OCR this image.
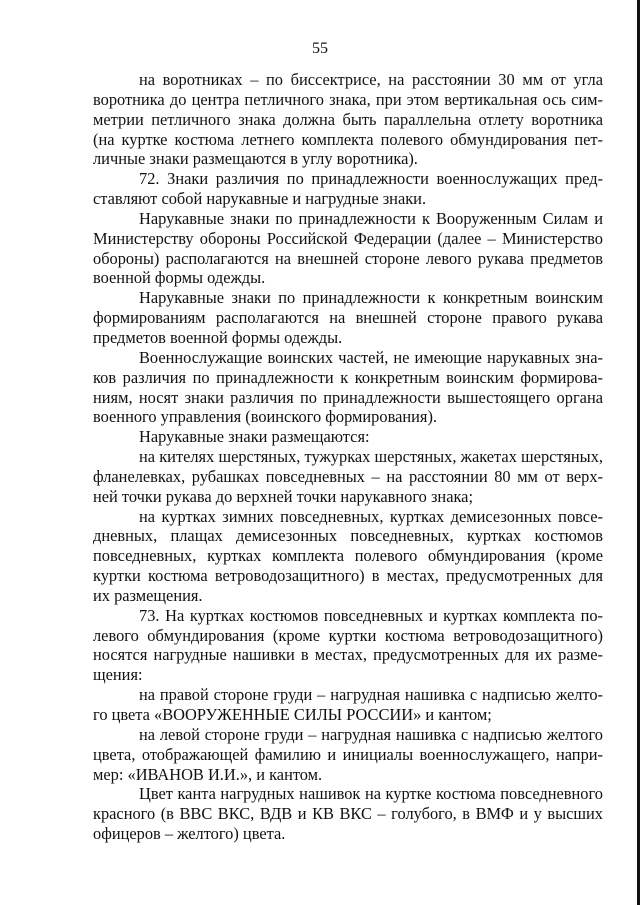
55
на воротниках – по биссектрисе, на расстоянии 30 мм от угла
воротника до центра петличного знака, при этом вертикальная ось сим-
метрии петличного знака должна быть параллельна отлету воротника
(на куртке костюма летнего комплекта полевого обмундирования пет-
личные знаки размещаются в углу воротника).
72. Знаки различия по принадлежности военнослужащих пред-
ставляют собой нарукавные и нагрудные знаки.
Нарукавные знаки по принадлежности к Вооруженным Силам и
Министерству обороны Российской Федерации (далее – Министерство
обороны) располагаются на внешней стороне левого рукава предметов
военной формы одежды.
Нарукавные знаки по принадлежности к конкретным воинским
формированиям располагаются на внешней стороне правого рукава
предметов военной формы одежды.
Военнослужащие воинских частей, не имеющие нарукавных зна-
ков различия по принадлежности к конкретным воинским формирова-
ниям, носят знаки различия по принадлежности вышестоящего органа
военного управления (воинского формирования).
Нарукавные знаки размещаются:
на кителях шерстяных, тужурках шерстяных, жакетах шерстяных,
фланелевках, рубашках повседневных – на расстоянии 80 мм от верх-
ней точки рукава до верхней точки нарукавного знака;
на куртках зимних повседневных, куртках демисезонных повсе-
дневных, плащах демисезонных повседневных, куртках костюмов
повседневных, куртках комплекта полевого обмундирования (кроме
куртки костюма ветроводозащитного) в местах, предусмотренных для
их размещения.
73. На куртках костюмов повседневных и куртках комплекта по-
левого обмундирования (кроме куртки костюма ветроводозащитного)
носятся нагрудные нашивки в местах, предусмотренных для их разме-
щения:
на правой стороне груди – нагрудная нашивка с надписью желто-
го цвета «ВООРУЖЕННЫЕ СИЛЫ РОССИИ» и кантом;
на левой стороне груди – нагрудная нашивка с надписью желтого
цвета, отображающей фамилию и инициалы военнослужащего, напри-
мер: «ИВАНОВ И.И.», и кантом.
Цвет канта нагрудных нашивок на куртке костюма повседневного
красного (в ВВС ВКС, ВДВ и КВ ВКС – голубого, в ВМФ и у высших
офицеров – желтого) цвета.
